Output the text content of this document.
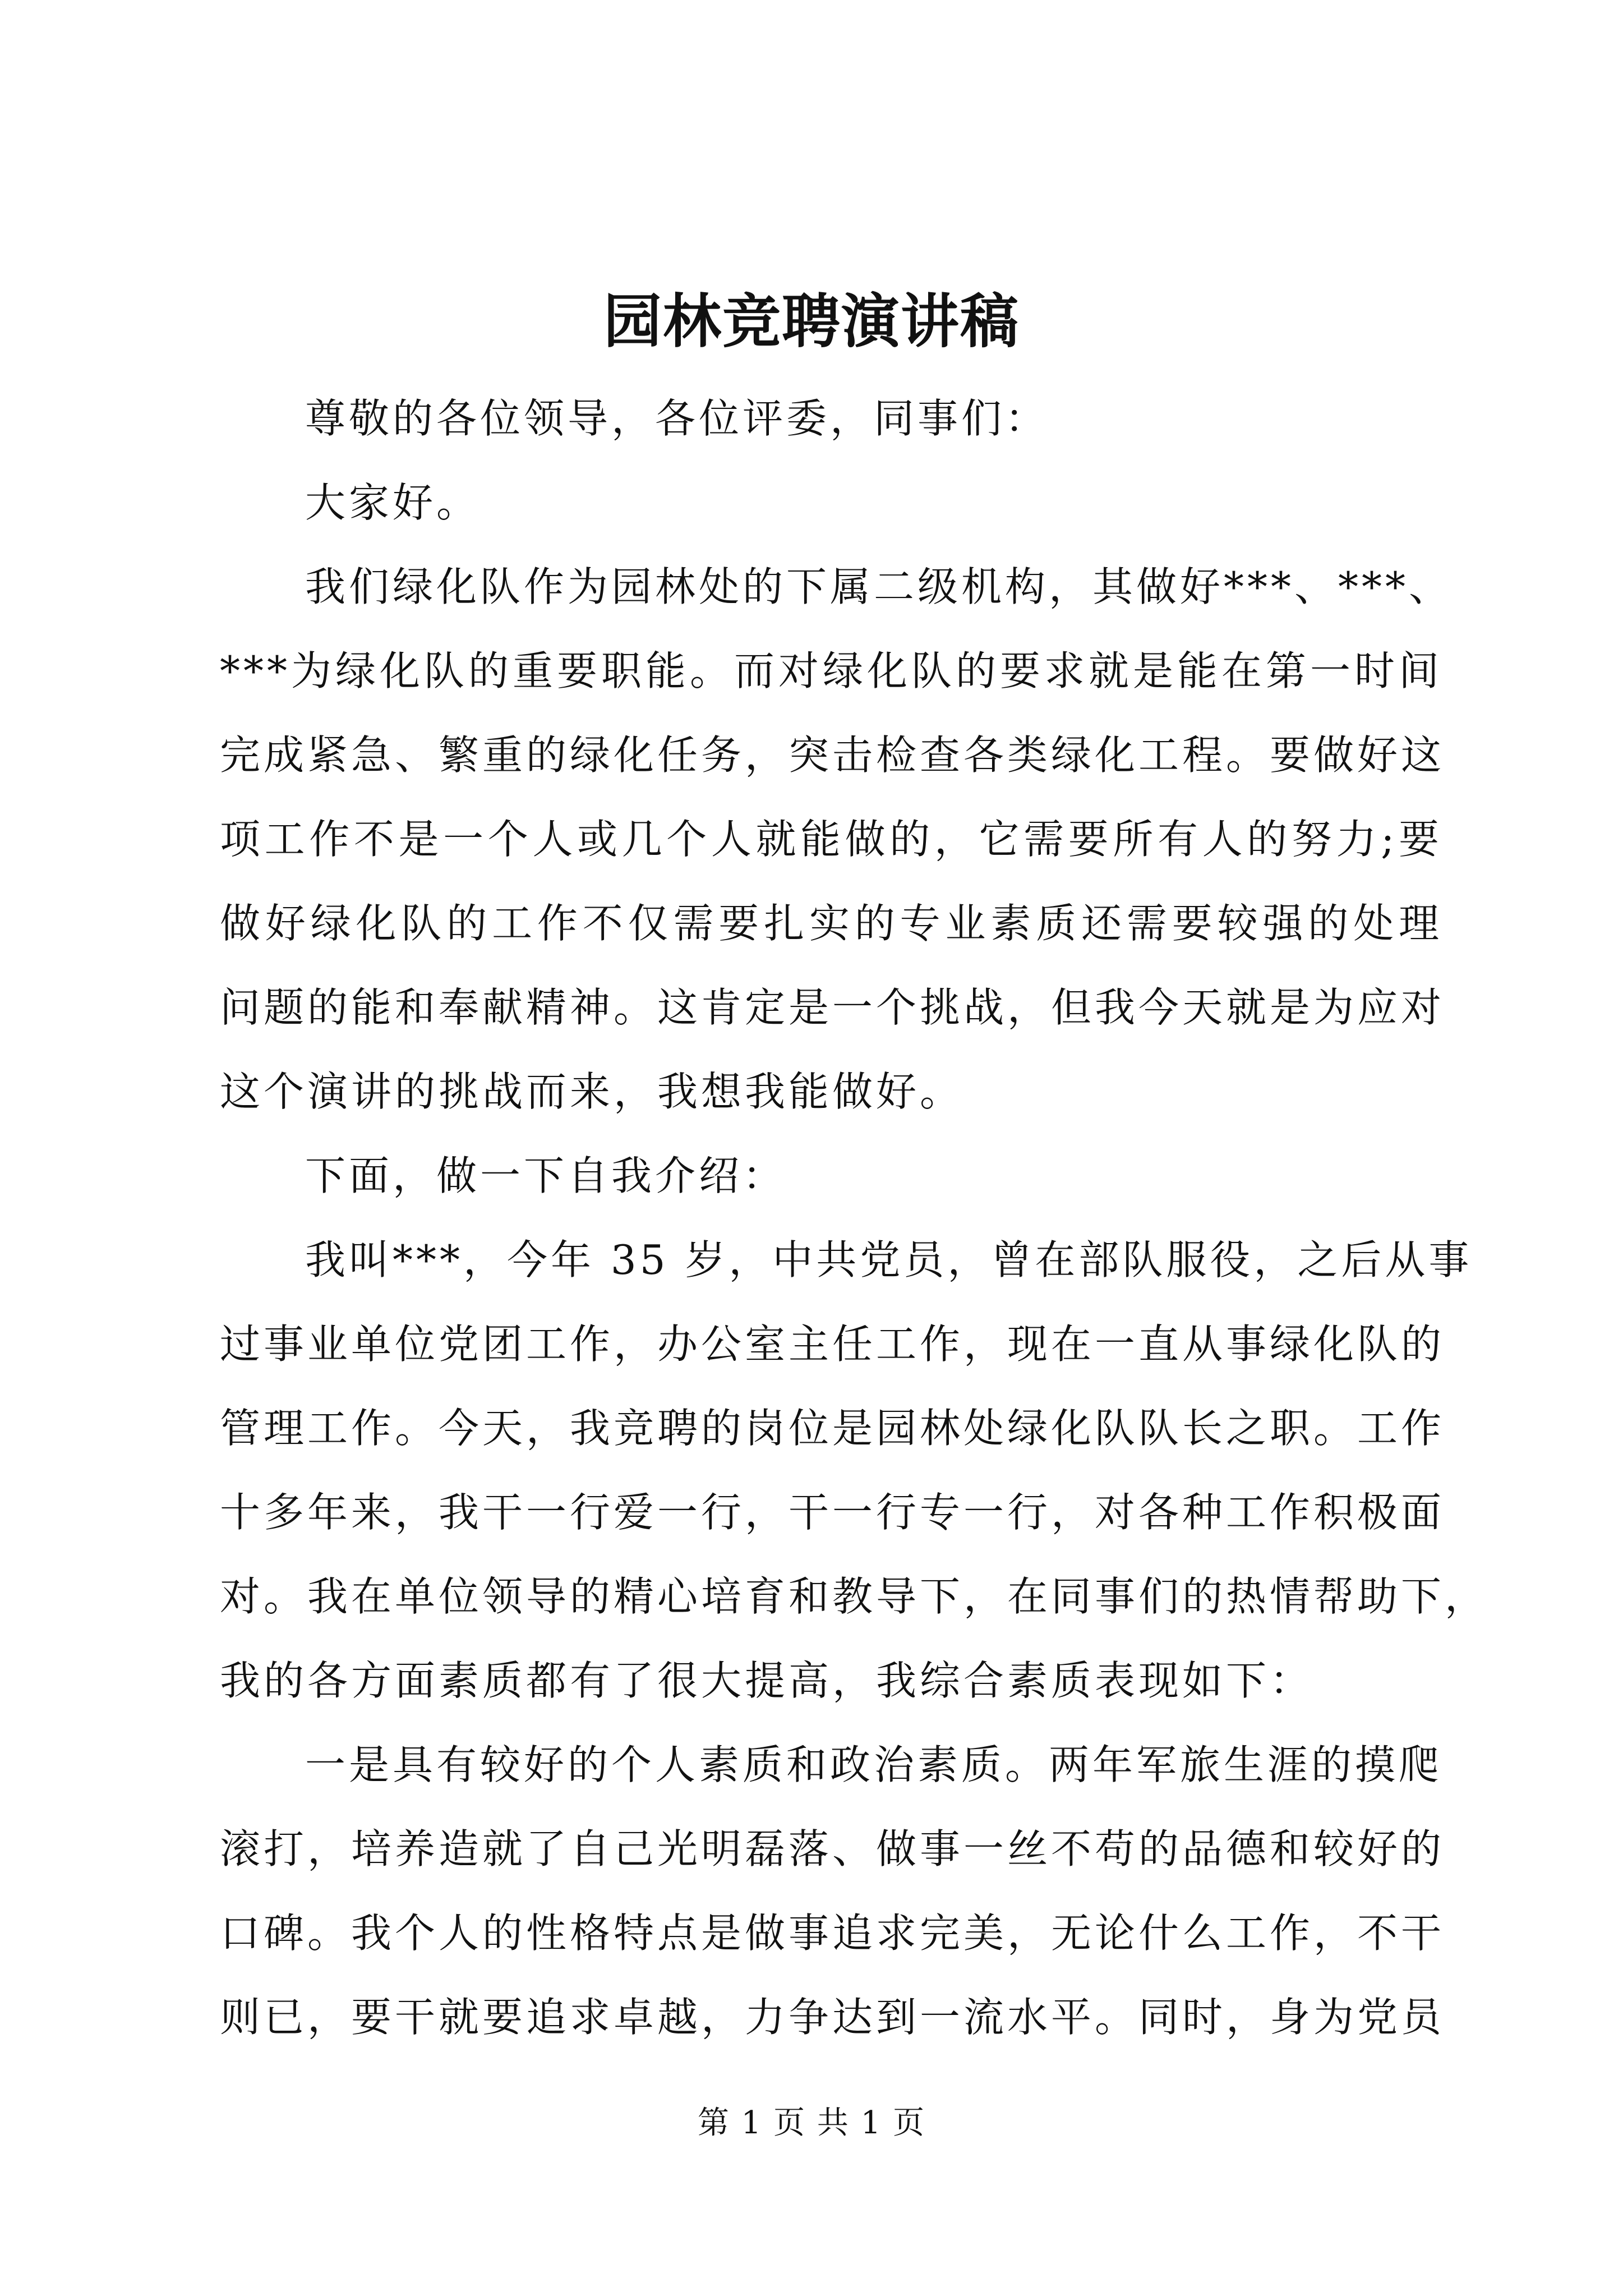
园林竞聘演讲稿

尊敬的各位领导，各位评委，同事们：

大家好。

我们绿化队作为园林处的下属二级机构，其做好***、***、

***为绿化队的重要职能。而对绿化队的要求就是能在第一时间

完成紧急、繁重的绿化任务，突击检查各类绿化工程。要做好这

项工作不是一个人或几个人就能做的，它需要所有人的努力;要

做好绿化队的工作不仅需要扎实的专业素质还需要较强的处理

问题的能和奉献精神。这肯定是一个挑战，但我今天就是为应对

这个演讲的挑战而来，我想我能做好。

下面，做一下自我介绍：

我叫***，今年 35 岁，中共党员，曾在部队服役，之后从事

过事业单位党团工作，办公室主任工作，现在一直从事绿化队的

管理工作。今天，我竞聘的岗位是园林处绿化队队长之职。工作

十多年来，我干一行爱一行，干一行专一行，对各种工作积极面

对。我在单位领导的精心培育和教导下，在同事们的热情帮助下，

我的各方面素质都有了很大提高，我综合素质表现如下：

一是具有较好的个人素质和政治素质。两年军旅生涯的摸爬

滚打，培养造就了自己光明磊落、做事一丝不苟的品德和较好的

口碑。我个人的性格特点是做事追求完美，无论什么工作，不干

则已，要干就要追求卓越，力争达到一流水平。同时，身为党员

第 1 页 共 1 页
